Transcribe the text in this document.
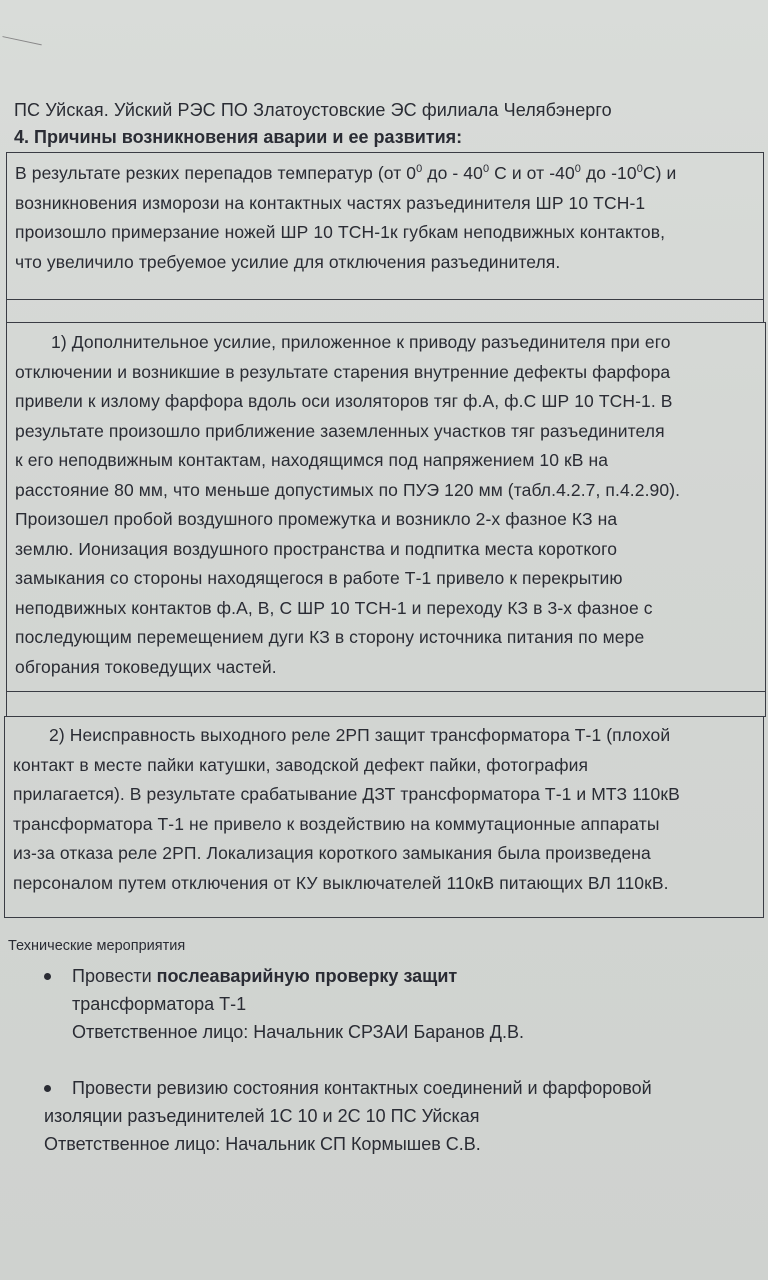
ПС Уйская. Уйский РЭС ПО Златоустовские ЭС филиала Челябэнерго
4. Причины возникновения аварии и ее развития:
В результате резких перепадов температур (от $0^0$ до - $40^0$ С и от $-40^0$ до $-10^0С$) и
возникновения изморози на контактных частях разъединителя ШР 10 ТСН-1
произошло примерзание ножей ШР 10 ТСН-1к губкам неподвижных контактов,
что увеличило требуемое усилие для отключения разъединителя.
1) Дополнительное усилие, приложенное к приводу разъединителя при его
отключении и возникшие в результате старения внутренние дефекты фарфора
привели к излому фарфора вдоль оси изоляторов тяг ф.А, ф.С ШР 10 ТСН-1. В
результате произошло приближение заземленных участков тяг разъединителя
к его неподвижным контактам, находящимся под напряжением 10 кВ на
расстояние 80 мм, что меньше допустимых по ПУЭ 120 мм (табл.4.2.7, п.4.2.90).
Произошел пробой воздушного промежутка и возникло 2-х фазное КЗ на
землю. Ионизация воздушного пространства и подпитка места короткого
замыкания со стороны находящегося в работе Т-1 привело к перекрытию
неподвижных контактов ф.А, В, С ШР 10 ТСН-1 и переходу КЗ в 3-х фазное с
последующим перемещением дуги КЗ в сторону источника питания по мере
обгорания токоведущих частей.
2) Неисправность выходного реле 2РП защит трансформатора Т-1 (плохой
контакт в месте пайки катушки, заводской дефект пайки, фотография
прилагается). В результате срабатывание ДЗТ трансформатора Т-1 и МТЗ 110кВ
трансформатора Т-1 не привело к воздействию на коммутационные аппараты
из-за отказа реле 2РП. Локализация короткого замыкания была произведена
персоналом путем отключения от КУ выключателей 110кВ питающих ВЛ 110кВ.
Технические мероприятия
Провести послеаварийную проверку защит
трансформатора Т-1
Ответственное лицо: Начальник СРЗАИ Баранов Д.В.
Провести ревизию состояния контактных соединений и фарфоровой
изоляции разъединителей 1С 10 и 2С 10 ПС Уйская
Ответственное лицо: Начальник СП Кормышев С.В.
